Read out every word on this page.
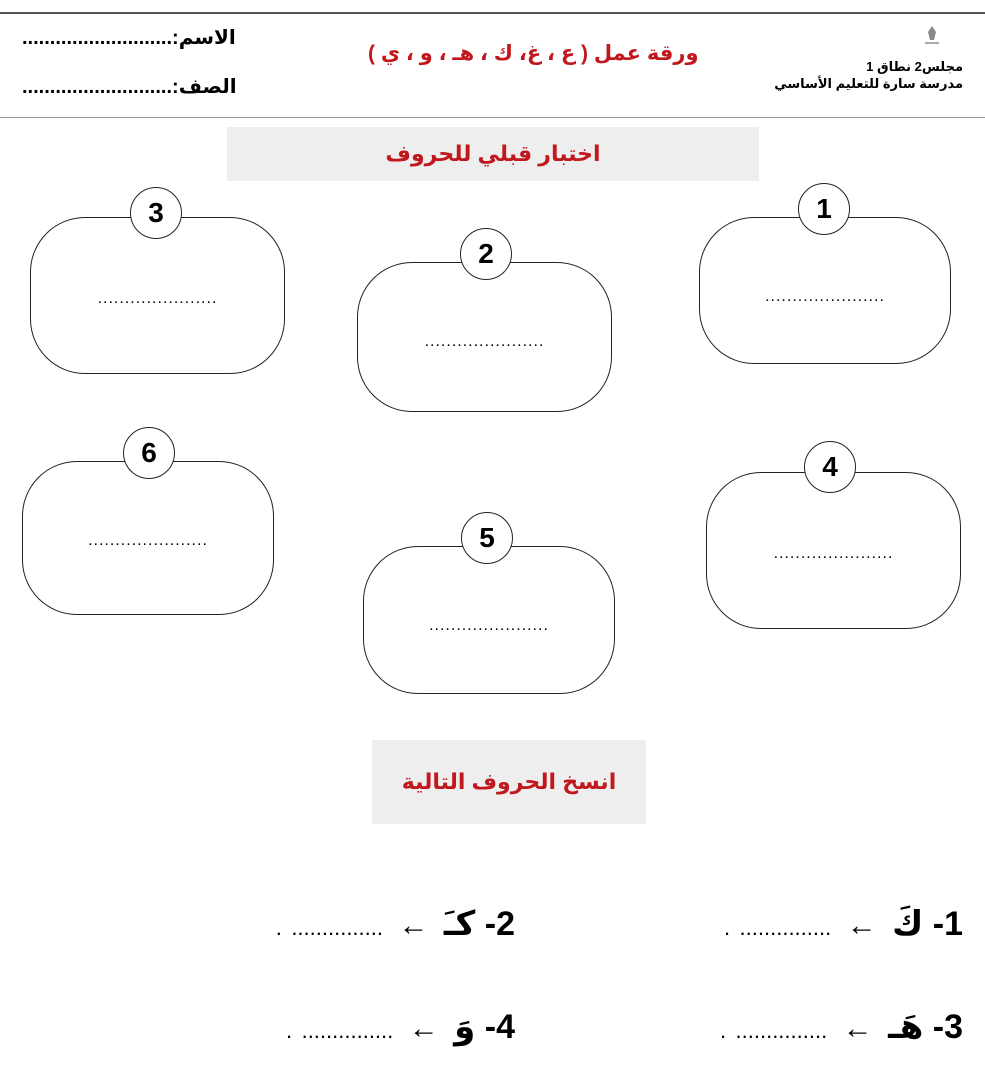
الاسم:...........................
الصف:...........................
ورقة عمل ( ع ، غ، ك ، هـ ، و ، ي )
مجلس2 نطاق 1
مدرسة سارة للتعليم الأساسي
اختبار قبلي للحروف
......................
1
......................
2
......................
3
......................
4
......................
5
......................
6
انسخ الحروف التالية
1- كَ ← ............... .
2- كـَ ← ............... .
3- هَـ ← ............... .
4- وَ ← ............... .
